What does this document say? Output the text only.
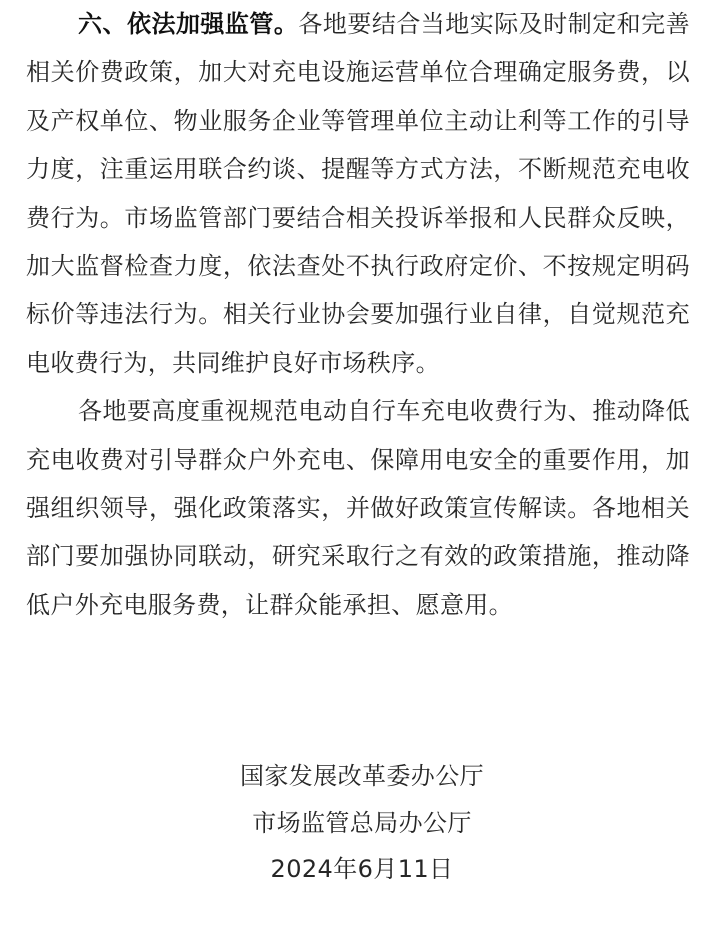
六、依法加强监管。各地要结合当地实际及时制定和完善相关价费政策，加大对充电设施运营单位合理确定服务费，以及产权单位、物业服务企业等管理单位主动让利等工作的引导力度，注重运用联合约谈、提醒等方式方法，不断规范充电收费行为。市场监管部门要结合相关投诉举报和人民群众反映，加大监督检查力度，依法查处不执行政府定价、不按规定明码标价等违法行为。相关行业协会要加强行业自律，自觉规范充电收费行为，共同维护良好市场秩序。

各地要高度重视规范电动自行车充电收费行为、推动降低充电收费对引导群众户外充电、保障用电安全的重要作用，加强组织领导，强化政策落实，并做好政策宣传解读。各地相关部门要加强协同联动，研究采取行之有效的政策措施，推动降低户外充电服务费，让群众能承担、愿意用。

国家发展改革委办公厅
市场监管总局办公厅
2024年6月11日
